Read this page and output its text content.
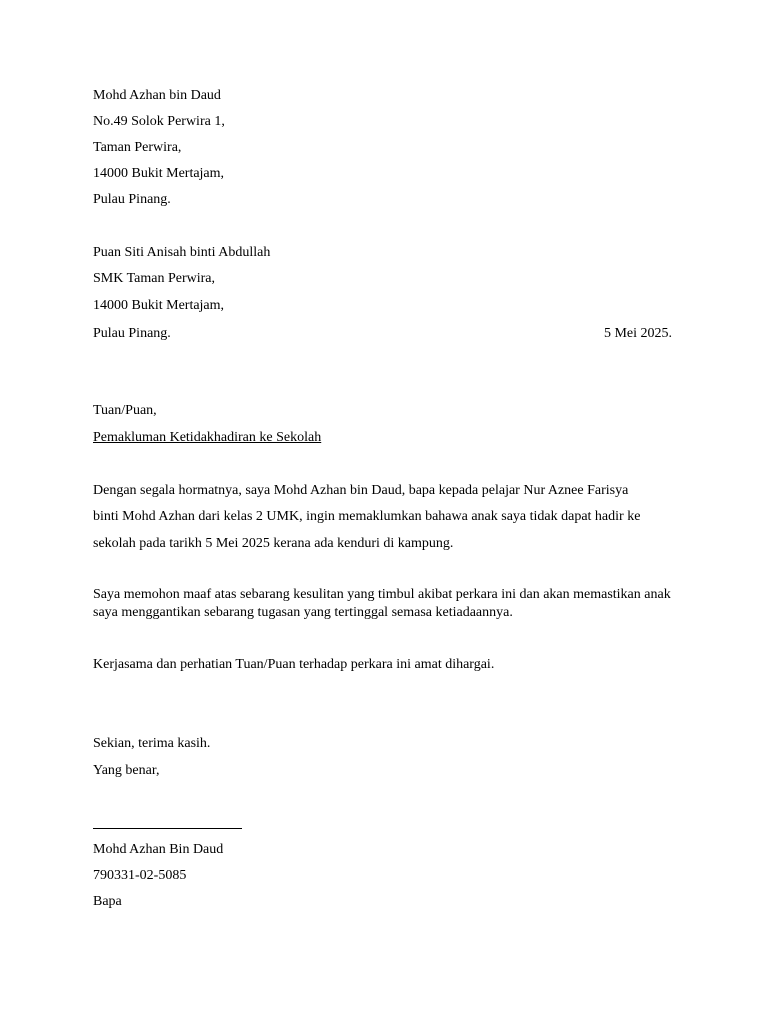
Mohd Azhan bin Daud
No.49 Solok Perwira 1,
Taman Perwira,
14000 Bukit Mertajam,
Pulau Pinang.
Puan Siti Anisah binti Abdullah
SMK Taman Perwira,
14000 Bukit Mertajam,
Pulau Pinang.	5 Mei 2025.
Tuan/Puan,
Pemakluman Ketidakhadiran ke Sekolah
Dengan segala hormatnya, saya Mohd Azhan bin Daud, bapa kepada pelajar Nur Aznee Farisya
binti Mohd Azhan dari kelas 2 UMK, ingin memaklumkan bahawa anak saya tidak dapat hadir ke
sekolah pada tarikh 5 Mei 2025 kerana ada kenduri di kampung.
Saya memohon maaf atas sebarang kesulitan yang timbul akibat perkara ini dan akan memastikan anak
saya menggantikan sebarang tugasan yang tertinggal semasa ketiadaannya.
Kerjasama dan perhatian Tuan/Puan terhadap perkara ini amat dihargai.
Sekian, terima kasih.
Yang benar,
Mohd Azhan Bin Daud
790331-02-5085
Bapa
